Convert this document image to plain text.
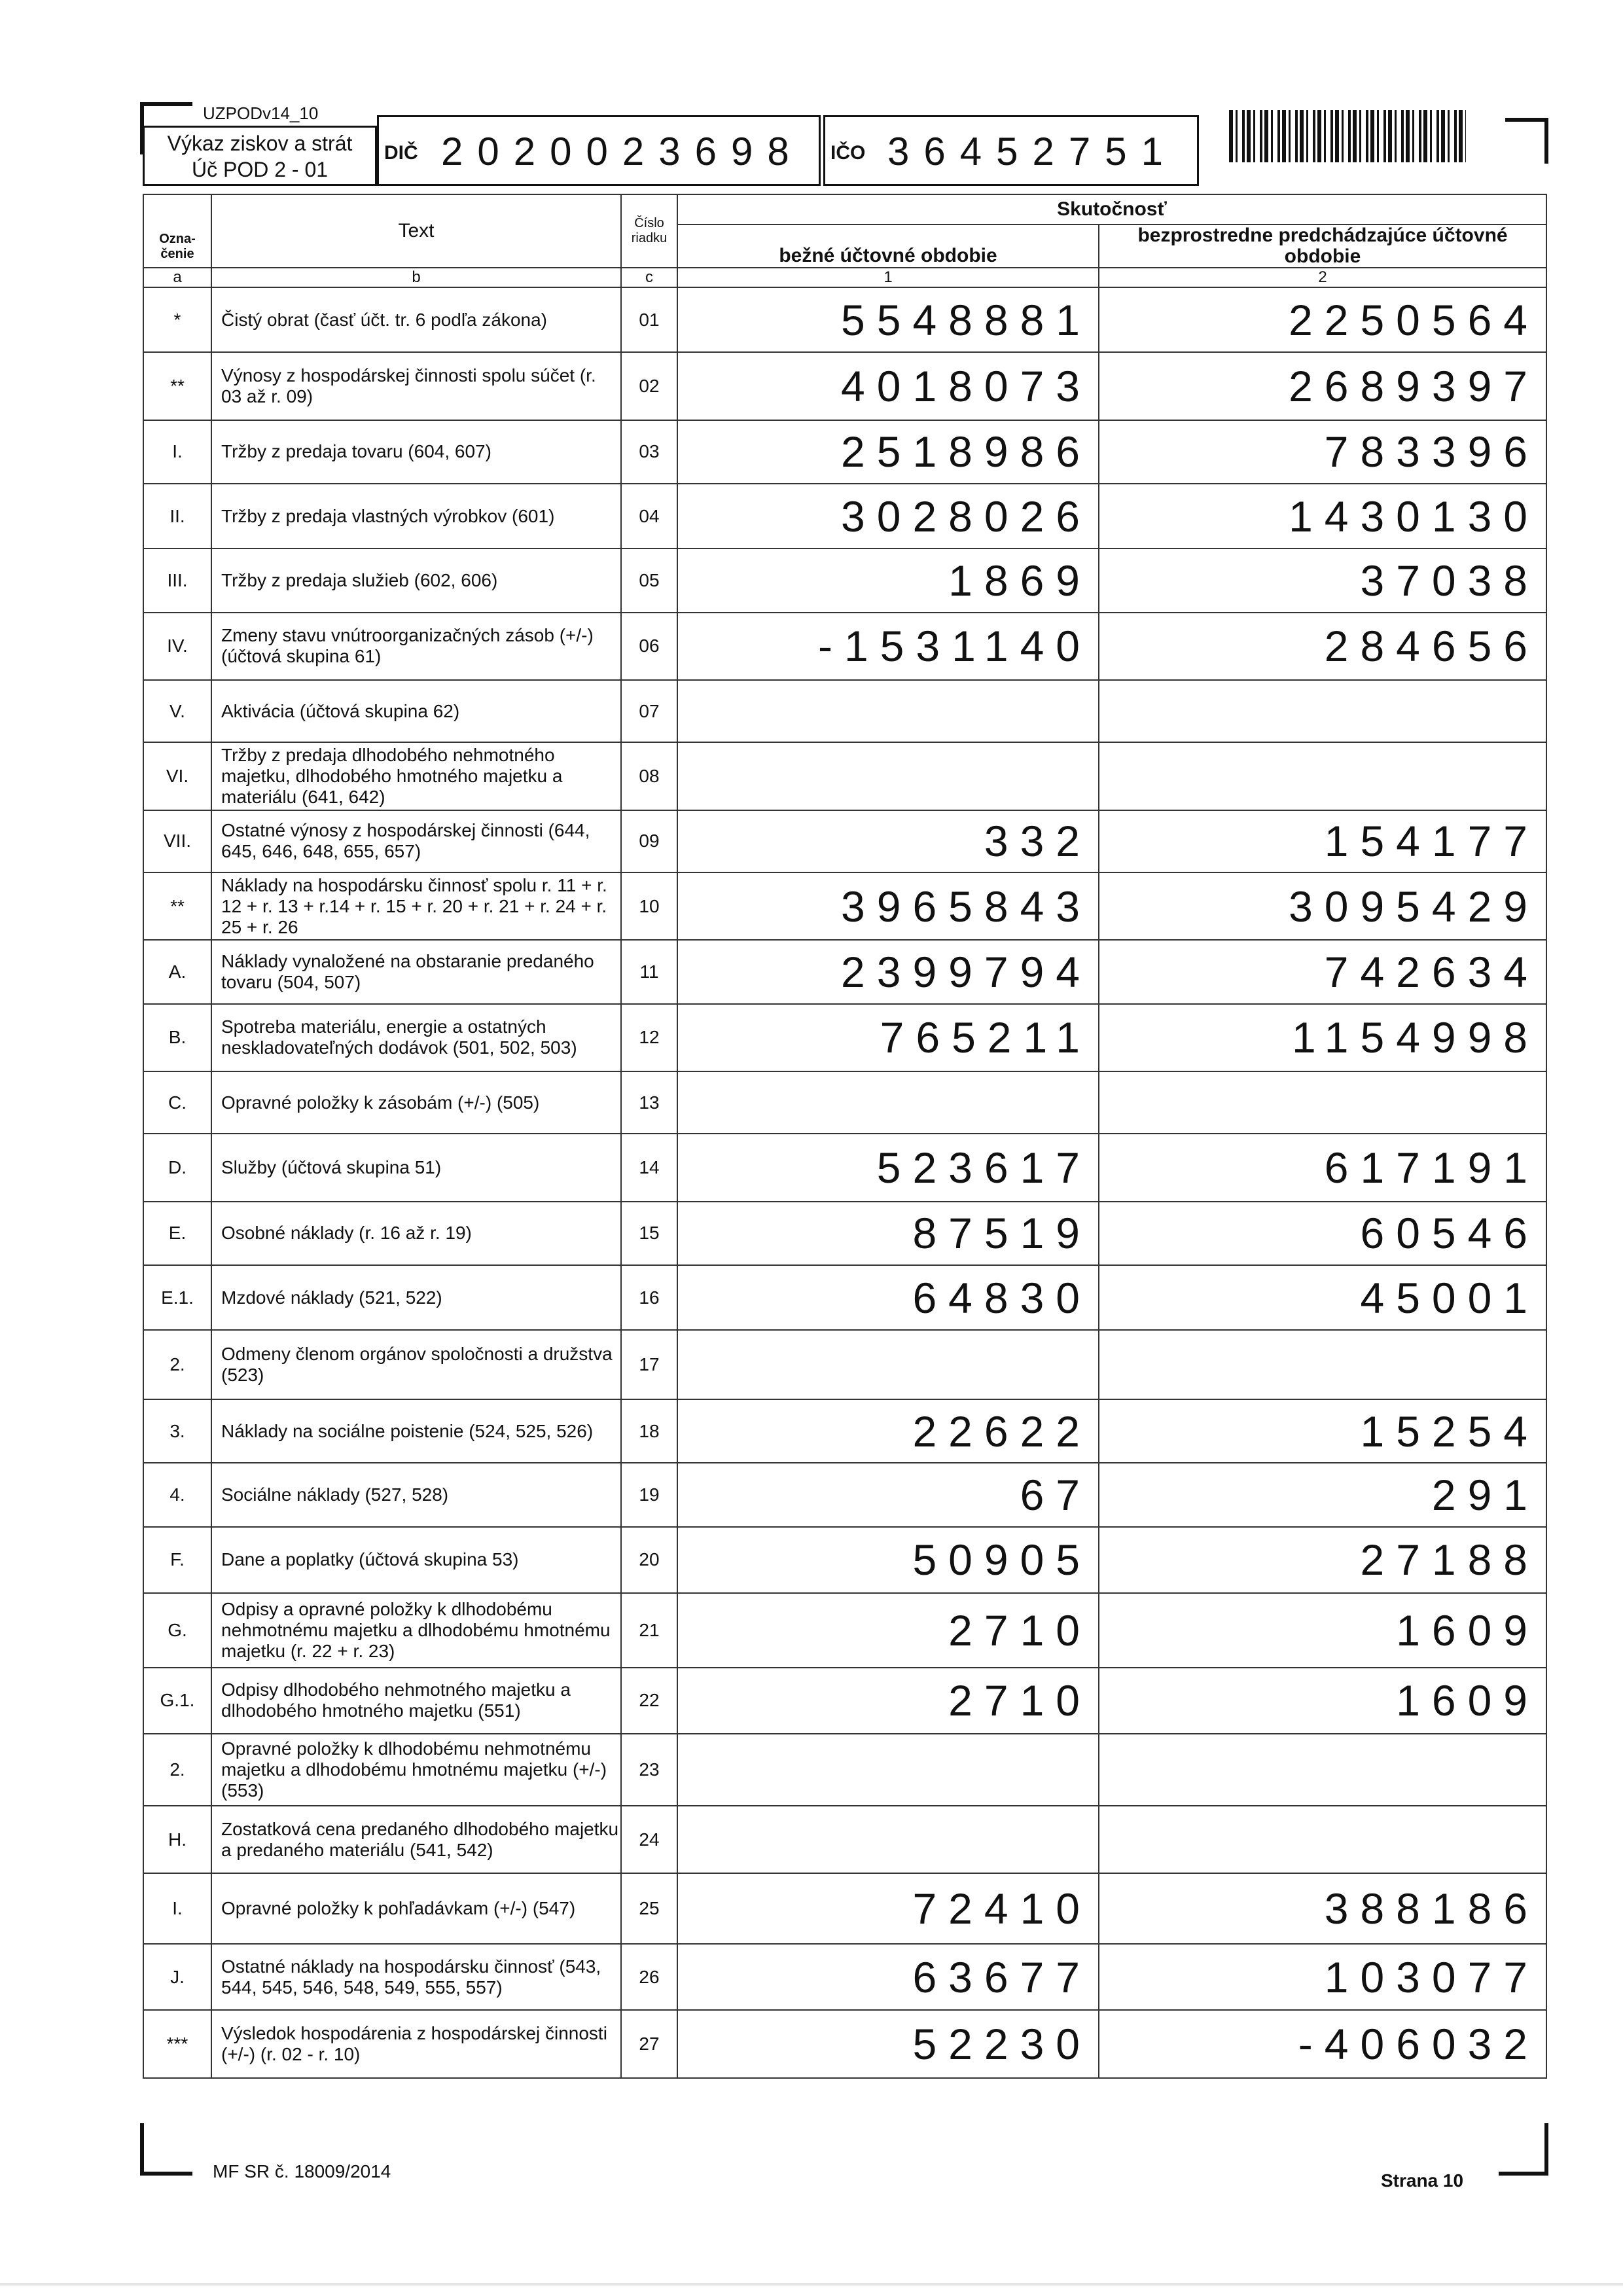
UZPODv14_10
Výkaz ziskov a strát
Úč POD 2 - 01
DIČ 2020023698 IČO 36452751
Ozna-
čenie	Text	Číslo
riadku	Skutočnosť	
			bežné účtovné obdobie	bezprostredne predchádzajúce účtovné obdobie
a	b	c	1	2
*	Čistý obrat (časť účt. tr. 6 podľa zákona)	01	5548881	2250564
**	Výnosy z hospodárskej činnosti spolu súčet (r. 03 až r. 09)	02	4018073	2689397
I.	Tržby z predaja tovaru (604, 607)	03	2518986	783396
II.	Tržby z predaja vlastných výrobkov (601)	04	3028026	1430130
III.	Tržby z predaja služieb (602, 606)	05	1869	37038
IV.	Zmeny stavu vnútroorganizačných zásob (+/-) (účtová skupina 61)	06	-1531140	284656
V.	Aktivácia (účtová skupina 62)	07		
VI.	Tržby z predaja dlhodobého nehmotného majetku, dlhodobého hmotného majetku a materiálu (641, 642)	08		
VII.	Ostatné výnosy z hospodárskej činnosti (644, 645, 646, 648, 655, 657)	09	332	154177
**	Náklady na hospodársku činnosť spolu r. 11 + r. 12 + r. 13 + r.14 + r. 15 + r. 20 + r. 21 + r. 24 + r. 25 + r. 26	10	3965843	3095429
A.	Náklady vynaložené na obstaranie predaného tovaru (504, 507)	11	2399794	742634
B.	Spotreba materiálu, energie a ostatných neskladovateľných dodávok (501, 502, 503)	12	765211	1154998
C.	Opravné položky k zásobám (+/-) (505)	13		
D.	Služby (účtová skupina 51)	14	523617	617191
E.	Osobné náklady (r. 16 až r. 19)	15	87519	60546
E.1.	Mzdové náklady (521, 522)	16	64830	45001
2.	Odmeny členom orgánov spoločnosti a družstva (523)	17		
3.	Náklady na sociálne poistenie (524, 525, 526)	18	22622	15254
4.	Sociálne náklady (527, 528)	19	67	291
F.	Dane a poplatky (účtová skupina 53)	20	50905	27188
G.	Odpisy a opravné položky k dlhodobému nehmotnému majetku a dlhodobému hmotnému majetku (r. 22 + r. 23)	21	2710	1609
G.1.	Odpisy dlhodobého nehmotného majetku a dlhodobého hmotného majetku (551)	22	2710	1609
2.	Opravné položky k dlhodobému nehmotnému majetku a dlhodobému hmotnému majetku (+/-) (553)	23		
H.	Zostatková cena predaného dlhodobého majetku a predaného materiálu (541, 542)	24		
I.	Opravné položky k pohľadávkam (+/-) (547)	25	72410	388186
J.	Ostatné náklady na hospodársku činnosť (543, 544, 545, 546, 548, 549, 555, 557)	26	63677	103077
***	Výsledok hospodárenia z hospodárskej činnosti (+/-) (r. 02 - r. 10)	27	52230	-406032
MF SR č. 18009/2014	Strana 10
